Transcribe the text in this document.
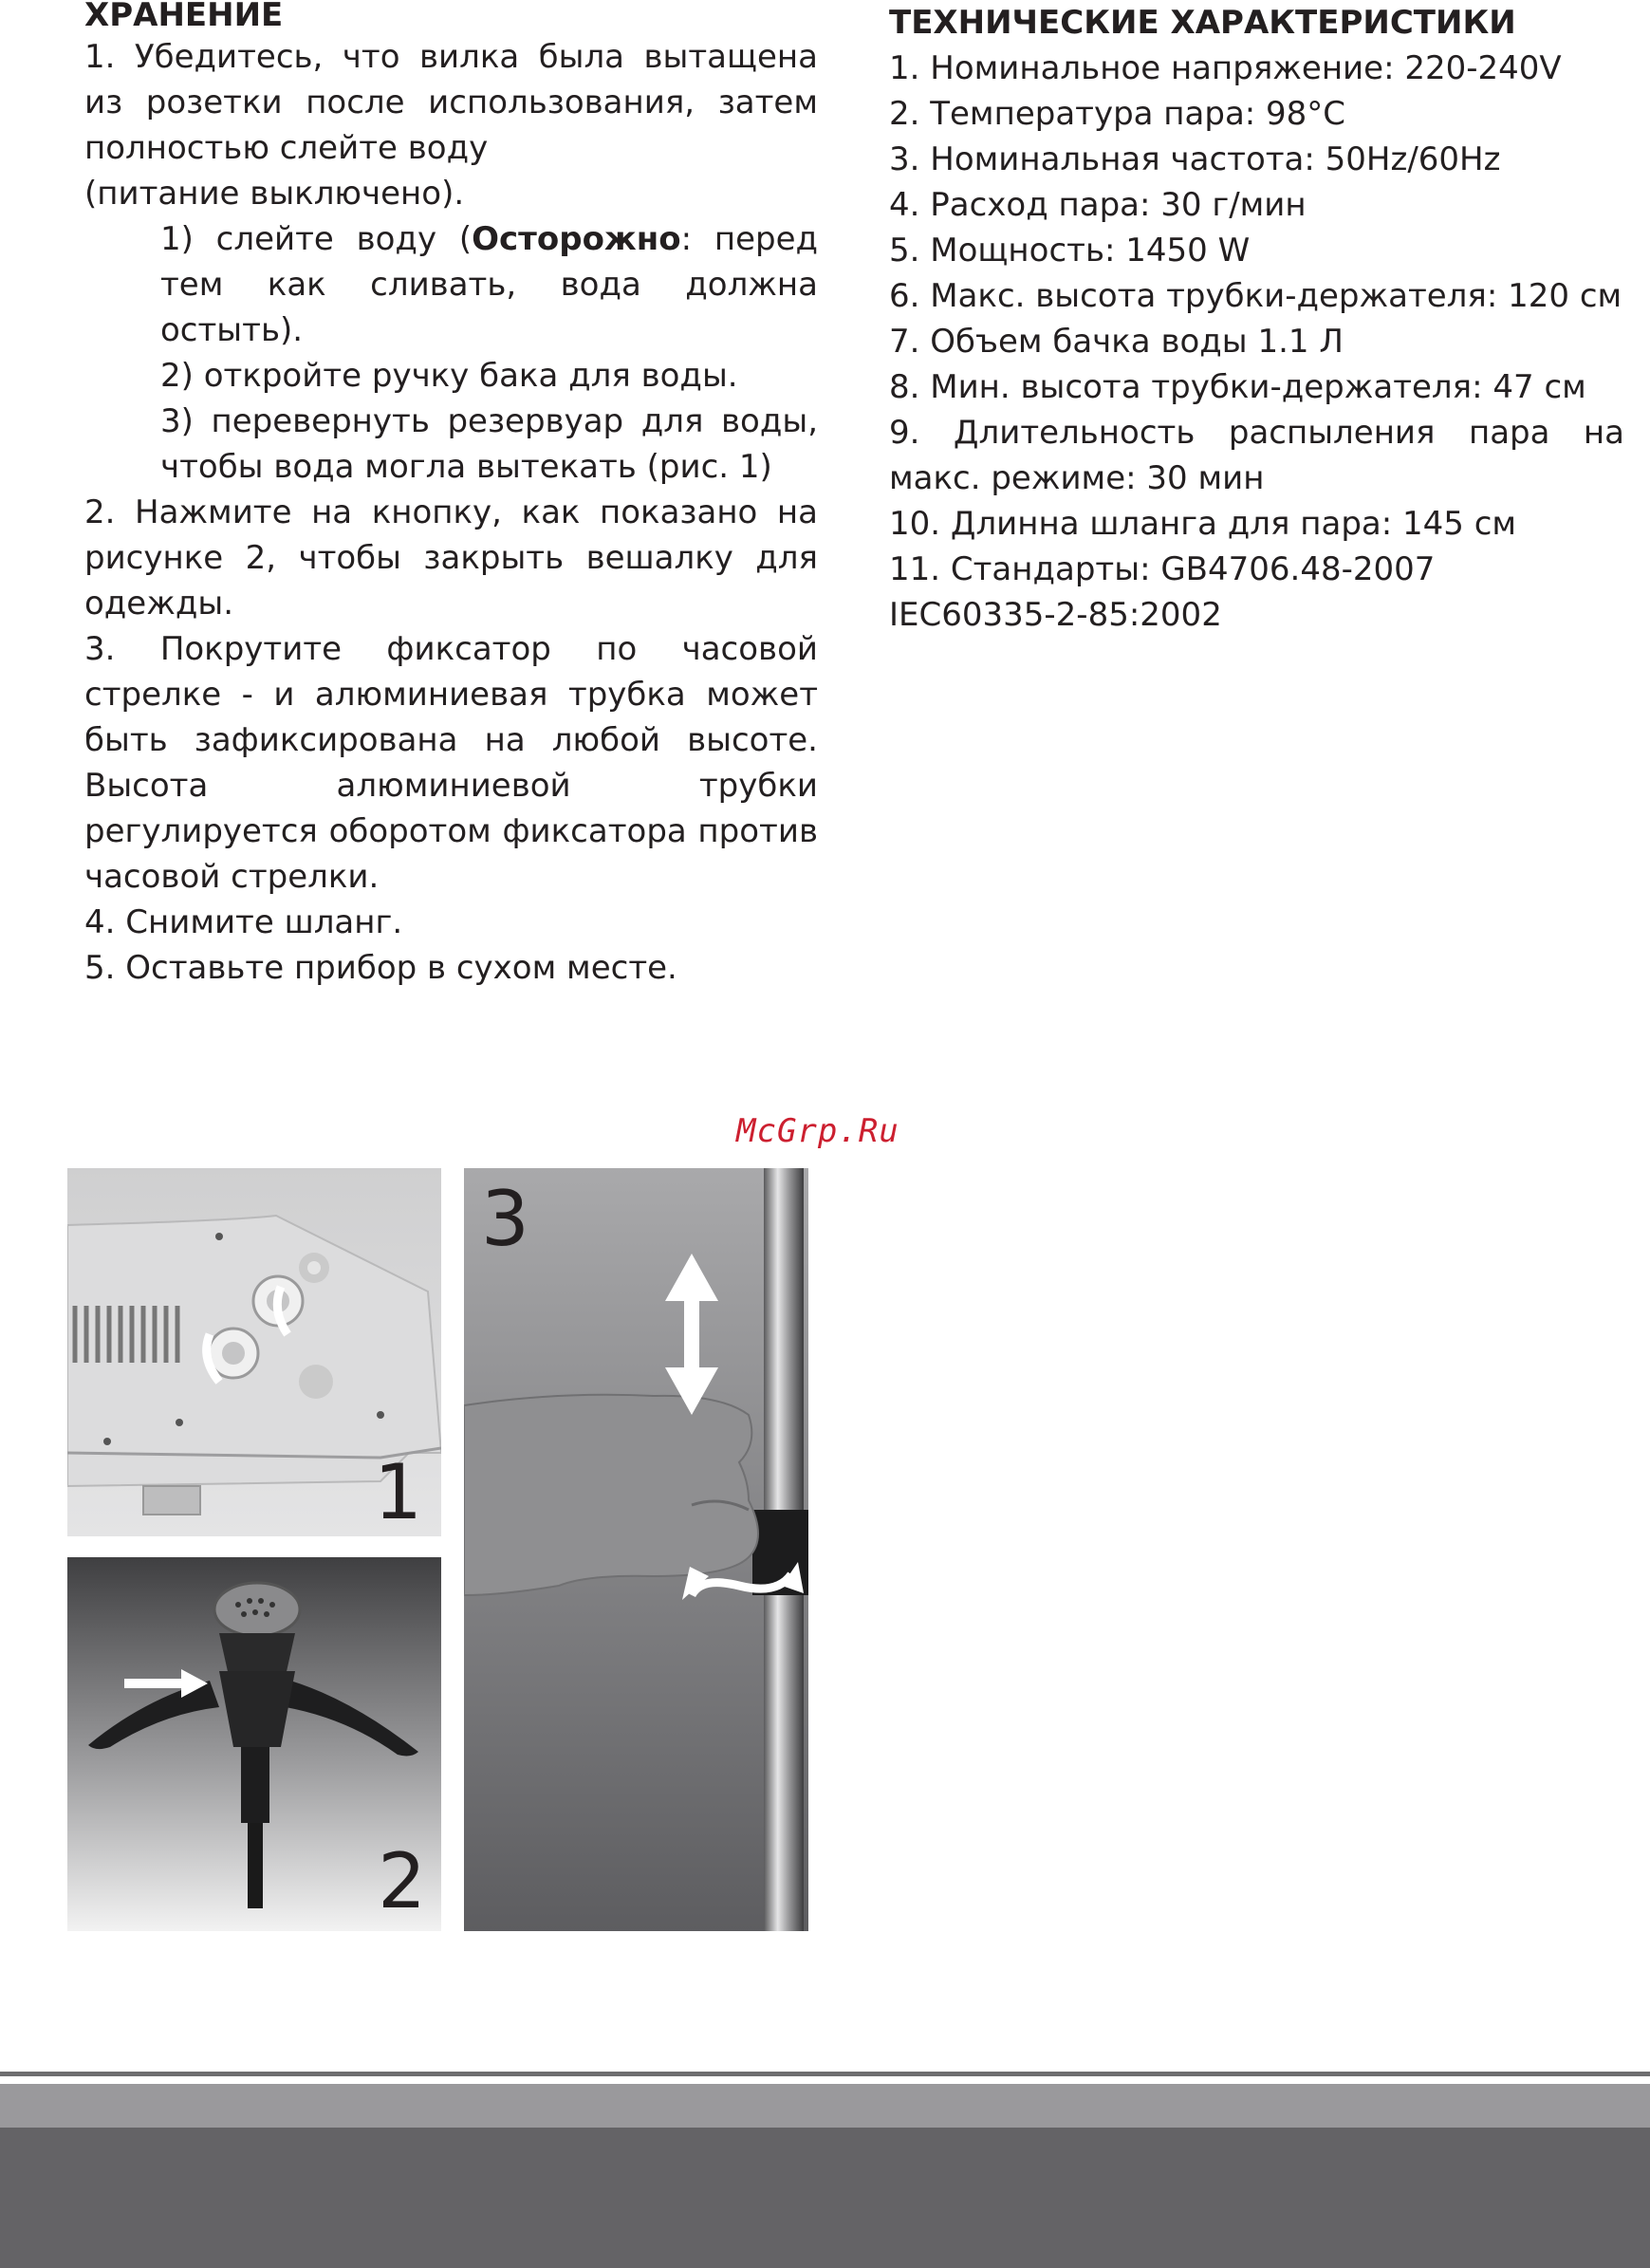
ХРАНЕНИЕ

1. Убедитесь, что вилка была вытащена из розетки после использования, затем полностью слейте воду

(питание выключено).

1) слейте воду (Осторожно: перед тем как сливать, вода должна остыть).

2) откройте ручку бака для воды.

3) перевернуть резервуар для воды, чтобы вода могла вытекать (рис. 1)

2. Нажмите на кнопку, как показано на рисунке 2, чтобы закрыть вешалку для одежды.

3. Покрутите фиксатор по часовой стрелке - и алюминиевая трубка может быть зафиксирована на любой высоте. Высота алюминиевой трубки регулируется оборотом фиксатора против часовой стрелки.

4. Снимите шланг.

5. Оставьте прибор в сухом месте.

ТЕХНИЧЕСКИЕ ХАРАКТЕРИСТИКИ

1. Номинальное напряжение: 220-240V

2. Температура пара: 98°C

3. Номинальная частота: 50Hz/60Hz

4. Расход пара: 30 г/мин

5. Мощность: 1450 W

6. Макс. высота трубки-держателя: 120 см

7. Объем бачка воды 1.1 Л

8. Мин. высота трубки-держателя: 47 см

9. Длительность распыления пара на макс. режиме: 30 мин

10. Длинна шланга для пара: 145 см

11. Стандарты: GB4706.48-2007

IEC60335-2-85:2002

McGrp.Ru
1
2
3
